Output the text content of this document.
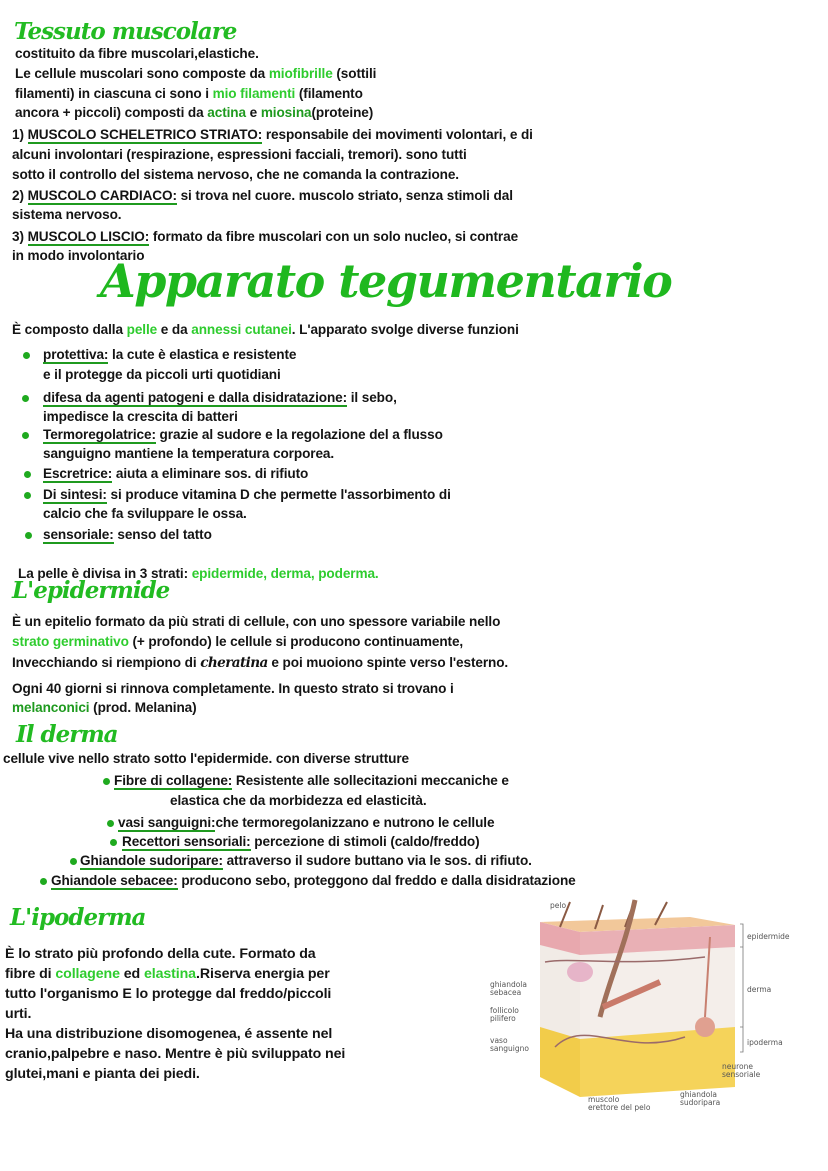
Tessuto muscolare
costituito da fibre muscolari,elastiche.
Le cellule muscolari sono composte da miofibrille (sottili
filamenti) in ciascuna ci sono i mio filamenti (filamento
ancora + piccoli) composti da actina e miosina(proteine)
1) MUSCOLO SCHELETRICO STRIATO: responsabile dei movimenti volontari, e di
alcuni involontari (respirazione, espressioni facciali, tremori). sono tutti
sotto il controllo del sistema nervoso, che ne comanda la contrazione.
2) MUSCOLO CARDIACO: si trova nel cuore. muscolo striato, senza stimoli dal
sistema nervoso.
3) MUSCOLO LISCIO: formato da fibre muscolari con un solo nucleo, si contrae
in modo involontario
Apparato tegumentario
È composto dalla pelle e da annessi cutanei. L'apparato svolge diverse funzioni
protettiva: la cute è elastica e resistente
e il protegge da piccoli urti quotidiani
difesa da agenti patogeni e dalla disidratazione: il sebo,
impedisce la crescita di batteri
Termoregolatrice: grazie al sudore e la regolazione del a flusso
sanguigno mantiene la temperatura corporea.
Escretrice: aiuta a eliminare sos. di rifiuto
Di sintesi: si produce vitamina D che permette l'assorbimento di
calcio che fa sviluppare le ossa.
sensoriale: senso del tatto
La pelle è divisa in 3 strati: epidermide, derma, poderma.
L'epidermide
È un epitelio formato da più strati di cellule, con uno spessore variabile nello
strato germinativo (+ profondo) le cellule si producono continuamente,
Invecchiando si riempiono di cheratina e poi muoiono spinte verso l'esterno.
Ogni 40 giorni si rinnova completamente. In questo strato si trovano i
melanconici (prod. Melanina)
Il derma
cellule vive nello strato sotto l'epidermide. con diverse strutture
Fibre di collagene: Resistente alle sollecitazioni meccaniche e
elastica che da morbidezza ed elasticità.
vasi sanguigni:che termoregolanizzano e nutrono le cellule
Recettori sensoriali: percezione di stimoli (caldo/freddo)
Ghiandole sudoripare: attraverso il sudore buttano via le sos. di rifiuto.
Ghiandole sebacee: producono sebo, proteggono dal freddo e dalla disidratazione
L'ipoderma
È lo strato più profondo della cute. Formato da
fibre di collagene ed elastina.Riserva energia per
tutto l'organismo E lo protegge dal freddo/piccoli
urti.
Ha una distribuzione disomogenea, é assente nel
cranio,palpebre e naso. Mentre è più sviluppato nei
glutei,mani e pianta dei piedi.
pelo
ghiandola
sebacea
follicolo
pilifero
vaso
sanguigno
muscolo
erettore del pelo
ghiandola
sudoripara
neurone
sensoriale
epidermide
derma
ipoderma
